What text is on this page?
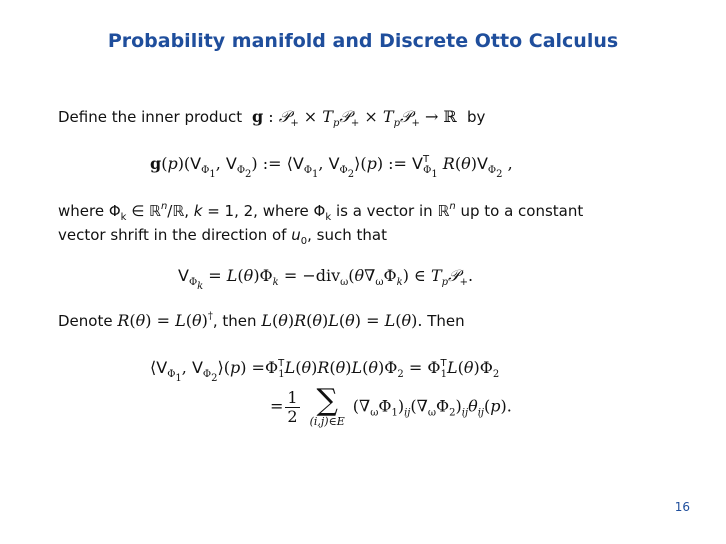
Probability manifold and Discrete Otto Calculus
Define the inner product g : 𝒫$_+$ × $T_p𝒫_+$ × $T_p𝒫_+$ → ℝ  by
$g(p)(V_{\Phi_1}$, $V_{\Phi_2}$) := $⟨V_{\Phi_1}$, $V_{\Phi_2}⟩(p)$ := $V^T_{\Phi_1}$ $R(\theta)V_{\Phi_2}$ ,
where $\Phi_k$ ∈ ℝ$^n$/ℝ, k = 1, 2, where $\Phi_k$ is a vector in ℝ$^n$ up to a constant
vector shrift in the direction of $u_0$, such that
$V_{\Phi_k} = L(\theta)\Phi_k = -div_\omega(\theta\nabla_\omega\Phi_k)$ ∈ $T_p𝒫_+$.
Denote R(θ) = L(θ)†, then L(θ)R(θ)L(θ) = L(θ). Then
$⟨V_{\Phi_1}$, $V_{\Phi_2}⟩(p) =\Phi^T_1L(\theta)R(\theta)L(\theta)\Phi_2 = \Phi^T_1L(\theta)\Phi_2$
= $\frac{1}{2}$ ∑
(i,j)∈E
$(\nabla_\omega\Phi_1)_{ij}(\nabla_\omega\Phi_2)_{ij}\theta_{ij}(p)$.
16
